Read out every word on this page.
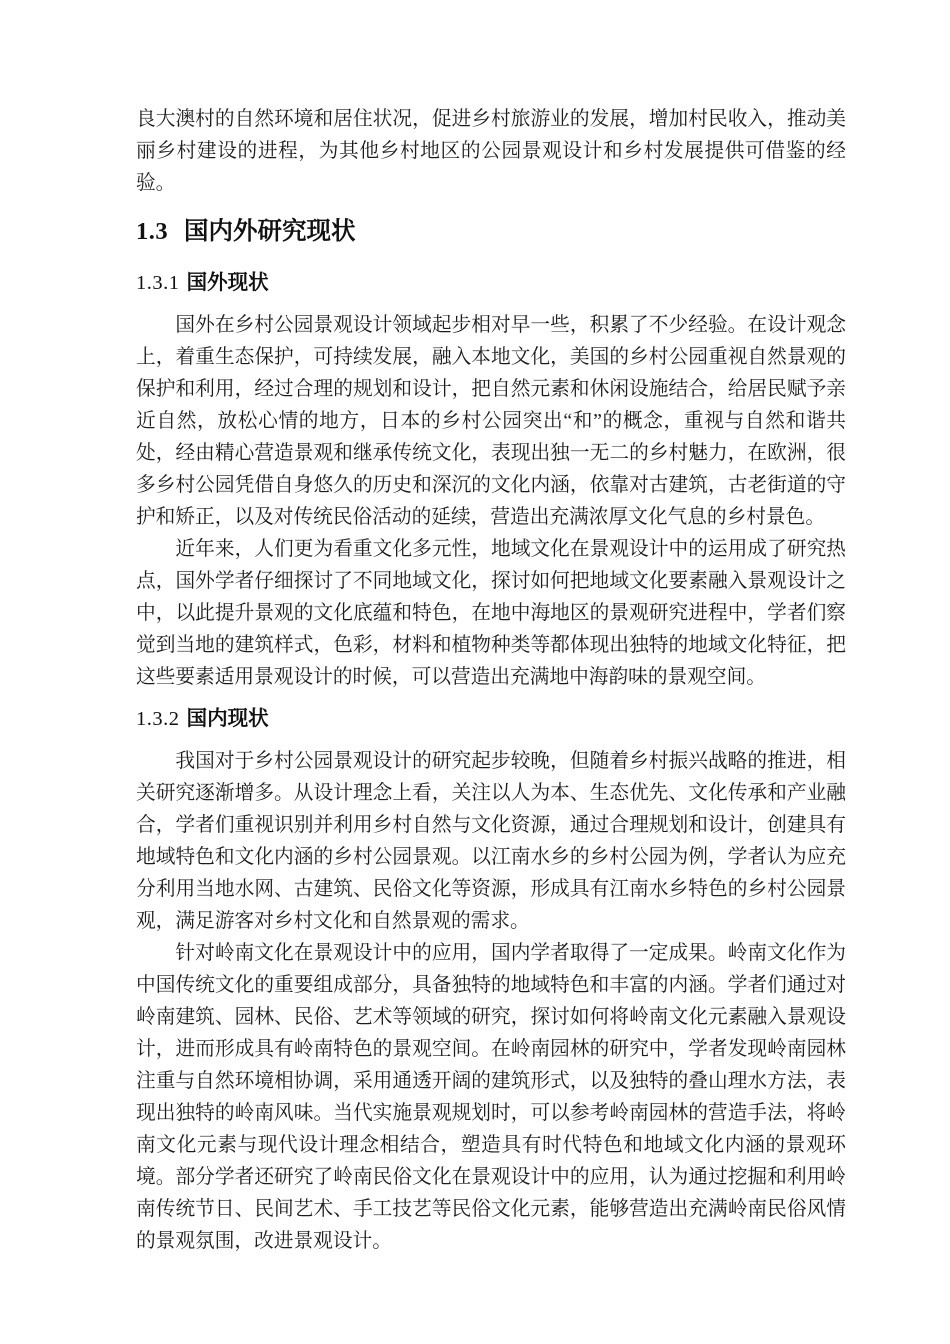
良大澳村的自然环境和居住状况，促进乡村旅游业的发展，增加村民收入，推动美丽乡村建设的进程，为其他乡村地区的公园景观设计和乡村发展提供可借鉴的经验。

1.3 国内外研究现状
1.3.1 国外现状

国外在乡村公园景观设计领域起步相对早一些，积累了不少经验。在设计观念上，着重生态保护，可持续发展，融入本地文化，美国的乡村公园重视自然景观的保护和利用，经过合理的规划和设计，把自然元素和休闲设施结合，给居民赋予亲近自然，放松心情的地方，日本的乡村公园突出“和”的概念，重视与自然和谐共处，经由精心营造景观和继承传统文化，表现出独一无二的乡村魅力，在欧洲，很多乡村公园凭借自身悠久的历史和深沉的文化内涵，依靠对古建筑，古老街道的守护和矫正，以及对传统民俗活动的延续，营造出充满浓厚文化气息的乡村景色。

近年来，人们更为看重文化多元性，地域文化在景观设计中的运用成了研究热点，国外学者仔细探讨了不同地域文化，探讨如何把地域文化要素融入景观设计之中，以此提升景观的文化底蕴和特色，在地中海地区的景观研究进程中，学者们察觉到当地的建筑样式，色彩，材料和植物种类等都体现出独特的地域文化特征，把这些要素适用景观设计的时候，可以营造出充满地中海韵味的景观空间。

1.3.2 国内现状

我国对于乡村公园景观设计的研究起步较晚，但随着乡村振兴战略的推进，相关研究逐渐增多。从设计理念上看，关注以人为本、生态优先、文化传承和产业融合，学者们重视识别并利用乡村自然与文化资源，通过合理规划和设计，创建具有地域特色和文化内涵的乡村公园景观。以江南水乡的乡村公园为例，学者认为应充分利用当地水网、古建筑、民俗文化等资源，形成具有江南水乡特色的乡村公园景观，满足游客对乡村文化和自然景观的需求。

针对岭南文化在景观设计中的应用，国内学者取得了一定成果。岭南文化作为中国传统文化的重要组成部分，具备独特的地域特色和丰富的内涵。学者们通过对岭南建筑、园林、民俗、艺术等领域的研究，探讨如何将岭南文化元素融入景观设计，进而形成具有岭南特色的景观空间。在岭南园林的研究中，学者发现岭南园林注重与自然环境相协调，采用通透开阔的建筑形式，以及独特的叠山理水方法，表现出独特的岭南风味。当代实施景观规划时，可以参考岭南园林的营造手法，将岭南文化元素与现代设计理念相结合，塑造具有时代特色和地域文化内涵的景观环境。部分学者还研究了岭南民俗文化在景观设计中的应用，认为通过挖掘和利用岭南传统节日、民间艺术、手工技艺等民俗文化元素，能够营造出充满岭南民俗风情的景观氛围，改进景观设计。
